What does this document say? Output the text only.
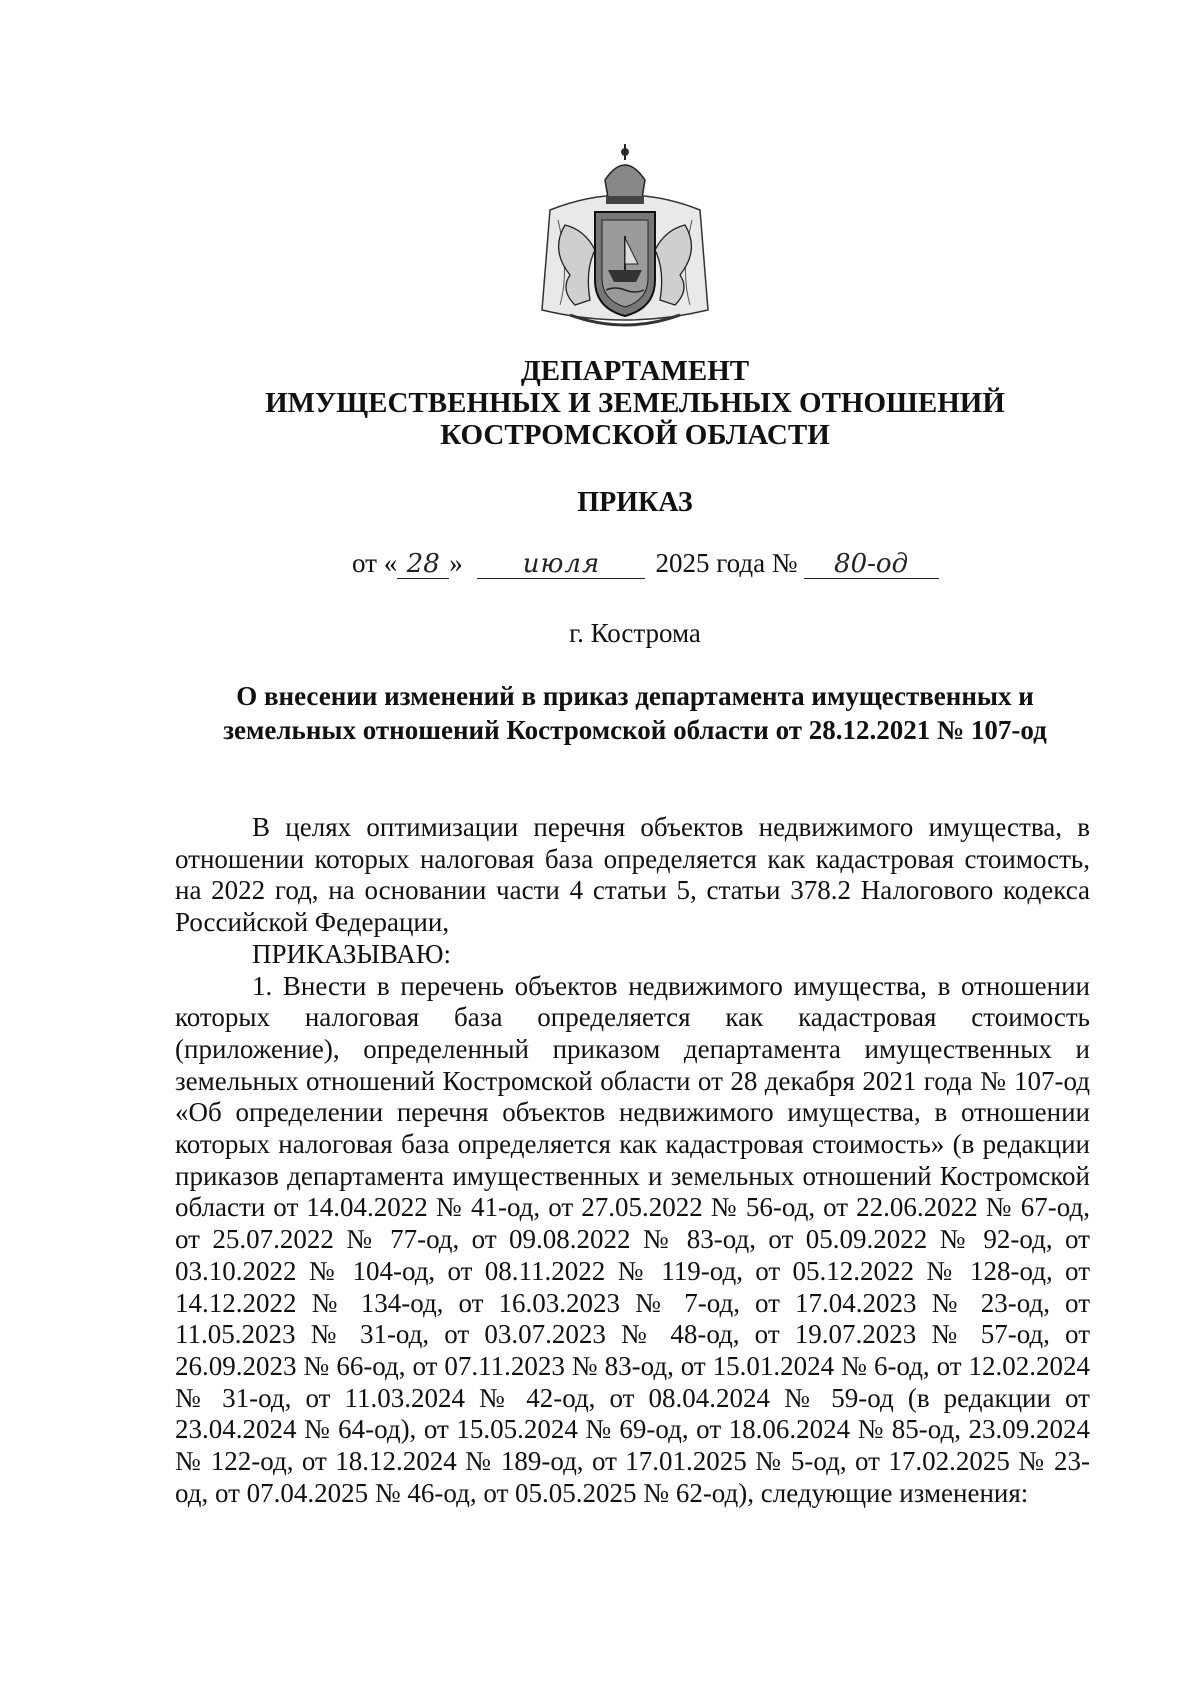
ДЕПАРТАМЕНТ
ИМУЩЕСТВЕННЫХ И ЗЕМЕЛЬНЫХ ОТНОШЕНИЙ
КОСТРОМСКОЙ ОБЛАСТИ
ПРИКАЗ
от « 28 » июля 2025 года № 80-од
г. Кострома
О внесении изменений в приказ департамента имущественных и
земельных отношений Костромской области от 28.12.2021 № 107-од

В целях оптимизации перечня объектов недвижимого имущества, в отношении которых налоговая база определяется как кадастровая стоимость, на 2022 год, на основании части 4 статьи 5, статьи 378.2 Налогового кодекса Российской Федерации,

ПРИКАЗЫВАЮ:

1. Внести в перечень объектов недвижимого имущества, в отношении которых налоговая база определяется как кадастровая стоимость (приложение), определенный приказом департамента имущественных и земельных отношений Костромской области от 28 декабря 2021 года № 107-од «Об определении перечня объектов недвижимого имущества, в отношении которых налоговая база определяется как кадастровая стоимость» (в редакции приказов департамента имущественных и земельных отношений Костромской области от 14.04.2022 № 41-од, от 27.05.2022 № 56-од, от 22.06.2022 № 67-од, от 25.07.2022 № 77-од, от 09.08.2022 № 83-од, от 05.09.2022 № 92-од, от 03.10.2022 № 104-од, от 08.11.2022 № 119-од, от 05.12.2022 № 128-од, от 14.12.2022 № 134-од, от 16.03.2023 № 7-од, от 17.04.2023 № 23-од, от 11.05.2023 № 31-од, от 03.07.2023 № 48-од, от 19.07.2023 № 57-од, от 26.09.2023 № 66-од, от 07.11.2023 № 83-од, от 15.01.2024 № 6-од, от 12.02.2024 № 31-од, от 11.03.2024 № 42-од, от 08.04.2024 № 59-од (в редакции от 23.04.2024 № 64-од), от 15.05.2024 № 69-од, от 18.06.2024 № 85-од, 23.09.2024 № 122-од, от 18.12.2024 № 189-од, от 17.01.2025 № 5-од, от 17.02.2025 № 23-од, от 07.04.2025 № 46-од, от 05.05.2025 № 62-од), следующие изменения:
